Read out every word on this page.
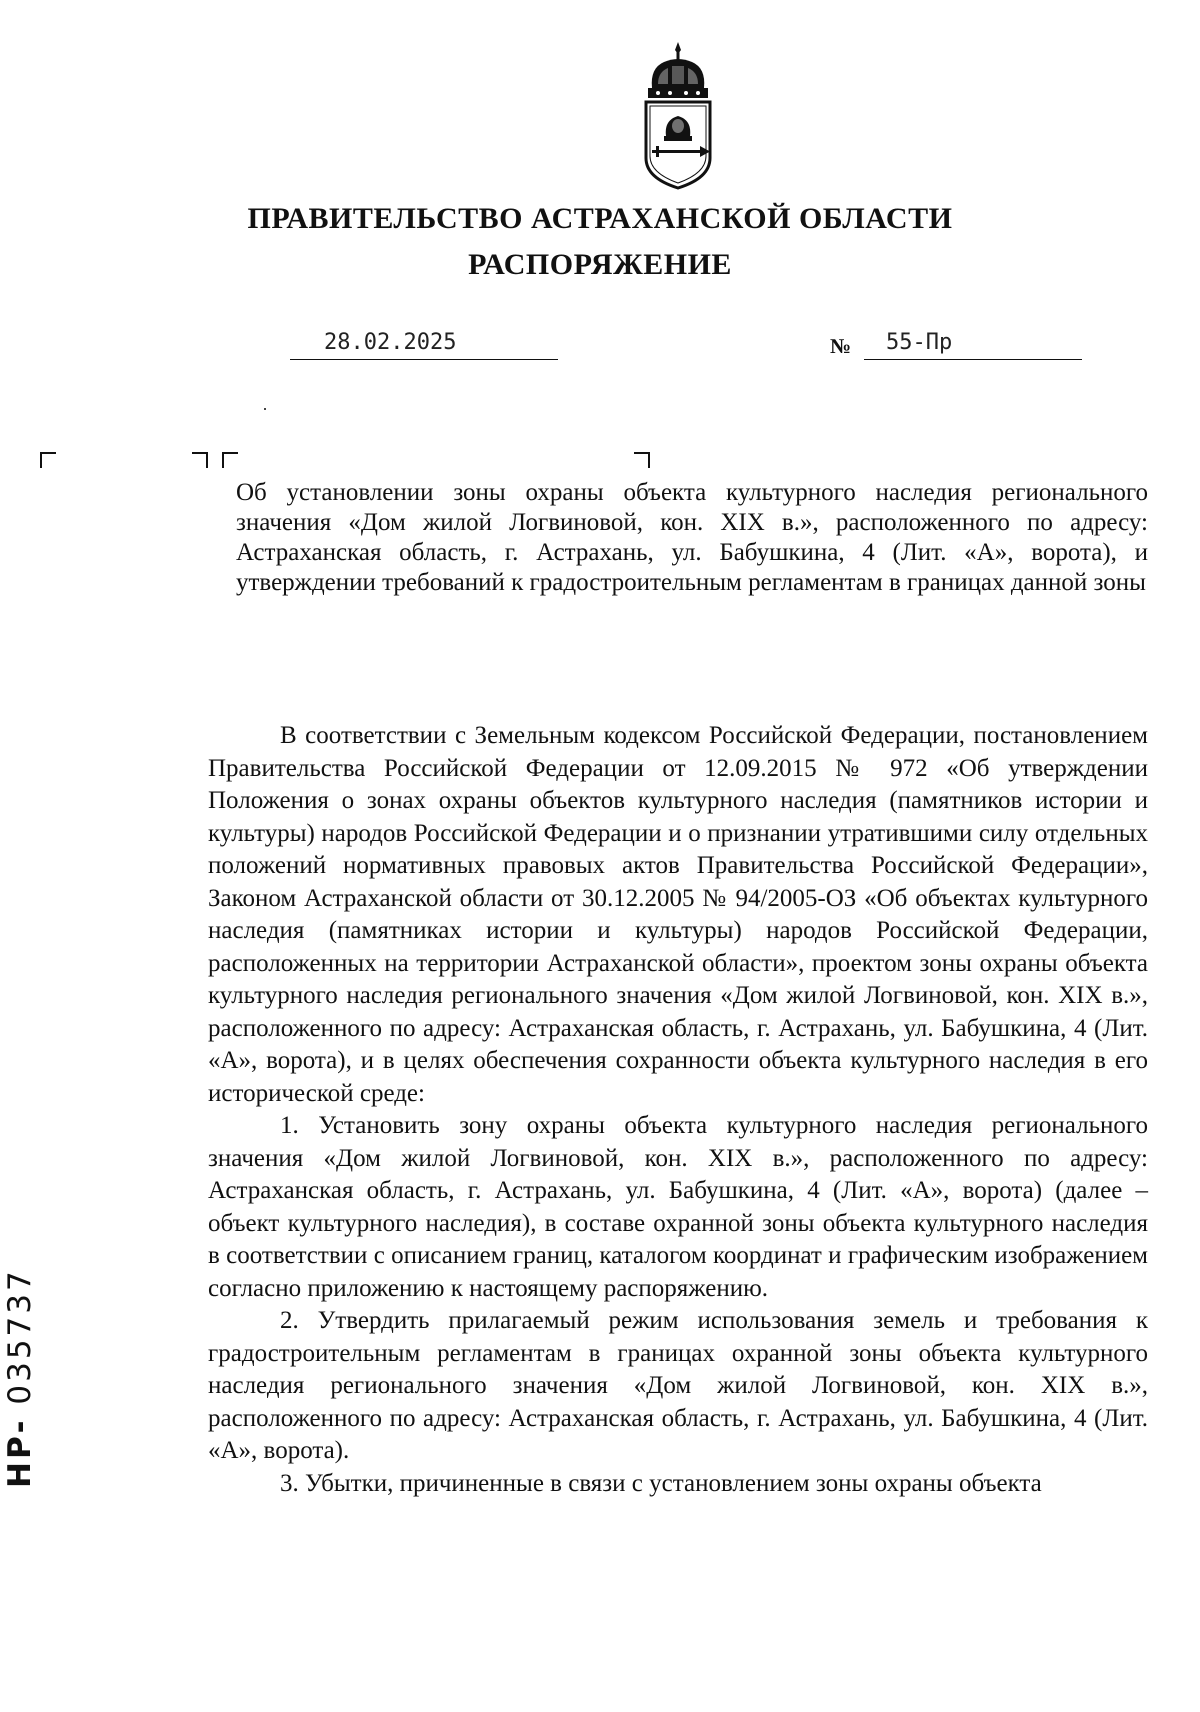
ПРАВИТЕЛЬСТВО АСТРАХАНСКОЙ ОБЛАСТИ
РАСПОРЯЖЕНИЕ
28.02.2025	№	55-Пр
Об установлении зоны охраны объекта культурного наследия регионального значения «Дом жилой Логвиновой, кон. XIX в.», расположенного по адресу: Астраханская область, г. Астрахань, ул. Бабушкина, 4 (Лит. «А», ворота), и утверждении требований к градостроительным регламентам в границах данной зоны

В соответствии с Земельным кодексом Российской Федерации, постановлением Правительства Российской Федерации от 12.09.2015 № 972 «Об утверждении Положения о зонах охраны объектов культурного наследия (памятников истории и культуры) народов Российской Федерации и о признании утратившими силу отдельных положений нормативных правовых актов Правительства Российской Федерации», Законом Астраханской области от 30.12.2005 № 94/2005-ОЗ «Об объектах культурного наследия (памятниках истории и культуры) народов Российской Федерации, расположенных на территории Астраханской области», проектом зоны охраны объекта культурного наследия регионального значения «Дом жилой Логвиновой, кон. XIX в.», расположенного по адресу: Астраханская область, г. Астрахань, ул. Бабушкина, 4 (Лит. «А», ворота), и в целях обеспечения сохранности объекта культурного наследия в его исторической среде:

1. Установить зону охраны объекта культурного наследия регионального значения «Дом жилой Логвиновой, кон. XIX в.», расположенного по адресу: Астраханская область, г. Астрахань, ул. Бабушкина, 4 (Лит. «А», ворота) (далее – объект культурного наследия), в составе охранной зоны объекта культурного наследия в соответствии с описанием границ, каталогом координат и графическим изображением согласно приложению к настоящему распоряжению.

2. Утвердить прилагаемый режим использования земель и требования к градостроительным регламентам в границах охранной зоны объекта культурного наследия регионального значения «Дом жилой Логвиновой, кон. XIX в.», расположенного по адресу: Астраханская область, г. Астрахань, ул. Бабушкина, 4 (Лит. «А», ворота).

3. Убытки, причиненные в связи с установлением зоны охраны объекта

НР- 035737
